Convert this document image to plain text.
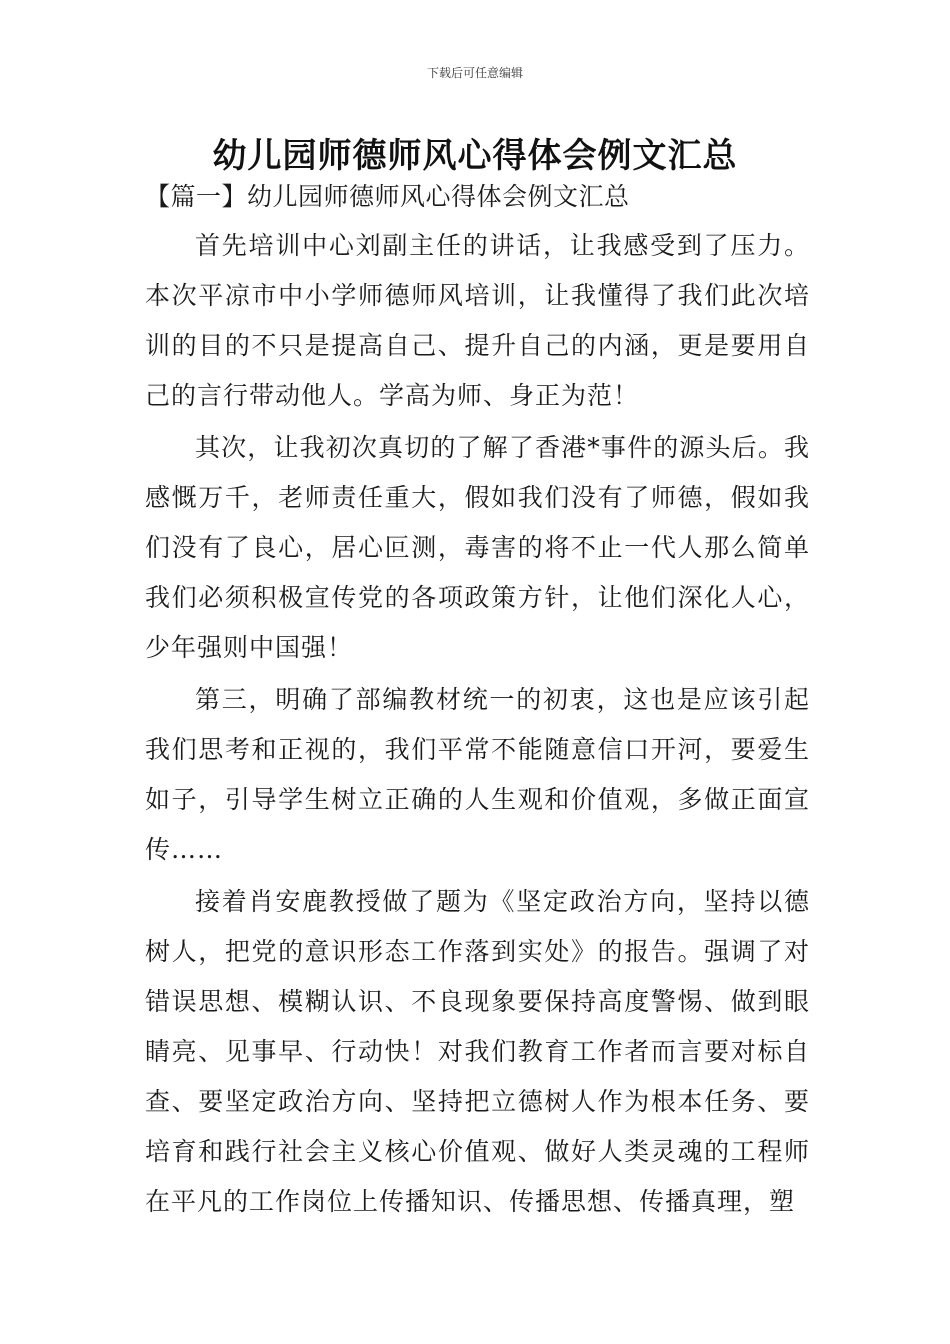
下载后可任意编辑
幼儿园师德师风心得体会例文汇总
【篇一】幼儿园师德师风心得体会例文汇总

首先培训中心刘副主任的讲话，让我感受到了压力。本次平凉市中小学师德师风培训，让我懂得了我们此次培训的目的不只是提高自己、提升自己的内涵，更是要用自己的言行带动他人。学高为师、身正为范！

其次，让我初次真切的了解了香港*事件的源头后。我感慨万千，老师责任重大，假如我们没有了师德，假如我们没有了良心，居心叵测，毒害的将不止一代人那么简单我们必须积极宣传党的各项政策方针，让他们深化人心，少年强则中国强！

第三，明确了部编教材统一的初衷，这也是应该引起我们思考和正视的，我们平常不能随意信口开河，要爱生如子，引导学生树立正确的人生观和价值观，多做正面宣传……

接着肖安鹿教授做了题为《坚定政治方向，坚持以德树人，把党的意识形态工作落到实处》的报告。强调了对错误思想、模糊认识、不良现象要保持高度警惕、做到眼睛亮、见事早、行动快！对我们教育工作者而言要对标自查、要坚定政治方向、坚持把立德树人作为根本任务、要培育和践行社会主义核心价值观、做好人类灵魂的工程师在平凡的工作岗位上传播知识、传播思想、传播真理，塑
